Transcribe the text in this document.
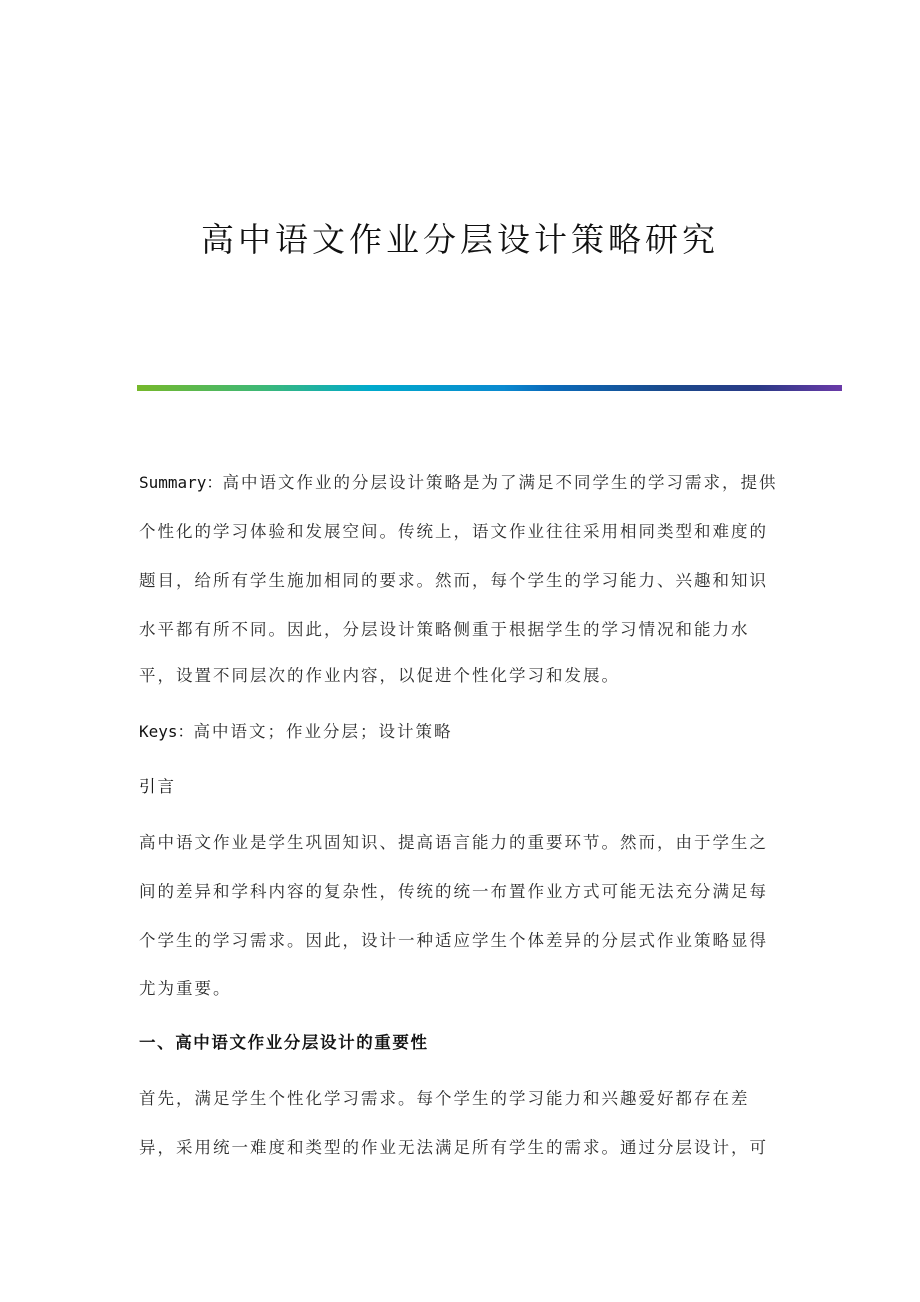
高中语文作业分层设计策略研究
Summary：高中语文作业的分层设计策略是为了满足不同学生的学习需求，提供
个性化的学习体验和发展空间。传统上，语文作业往往采用相同类型和难度的
题目，给所有学生施加相同的要求。然而，每个学生的学习能力、兴趣和知识
水平都有所不同。因此，分层设计策略侧重于根据学生的学习情况和能力水
平，设置不同层次的作业内容，以促进个性化学习和发展。
Keys：高中语文；作业分层；设计策略
引言
高中语文作业是学生巩固知识、提高语言能力的重要环节。然而，由于学生之
间的差异和学科内容的复杂性，传统的统一布置作业方式可能无法充分满足每
个学生的学习需求。因此，设计一种适应学生个体差异的分层式作业策略显得
尤为重要。
一、高中语文作业分层设计的重要性
首先，满足学生个性化学习需求。每个学生的学习能力和兴趣爱好都存在差
异，采用统一难度和类型的作业无法满足所有学生的需求。通过分层设计，可
